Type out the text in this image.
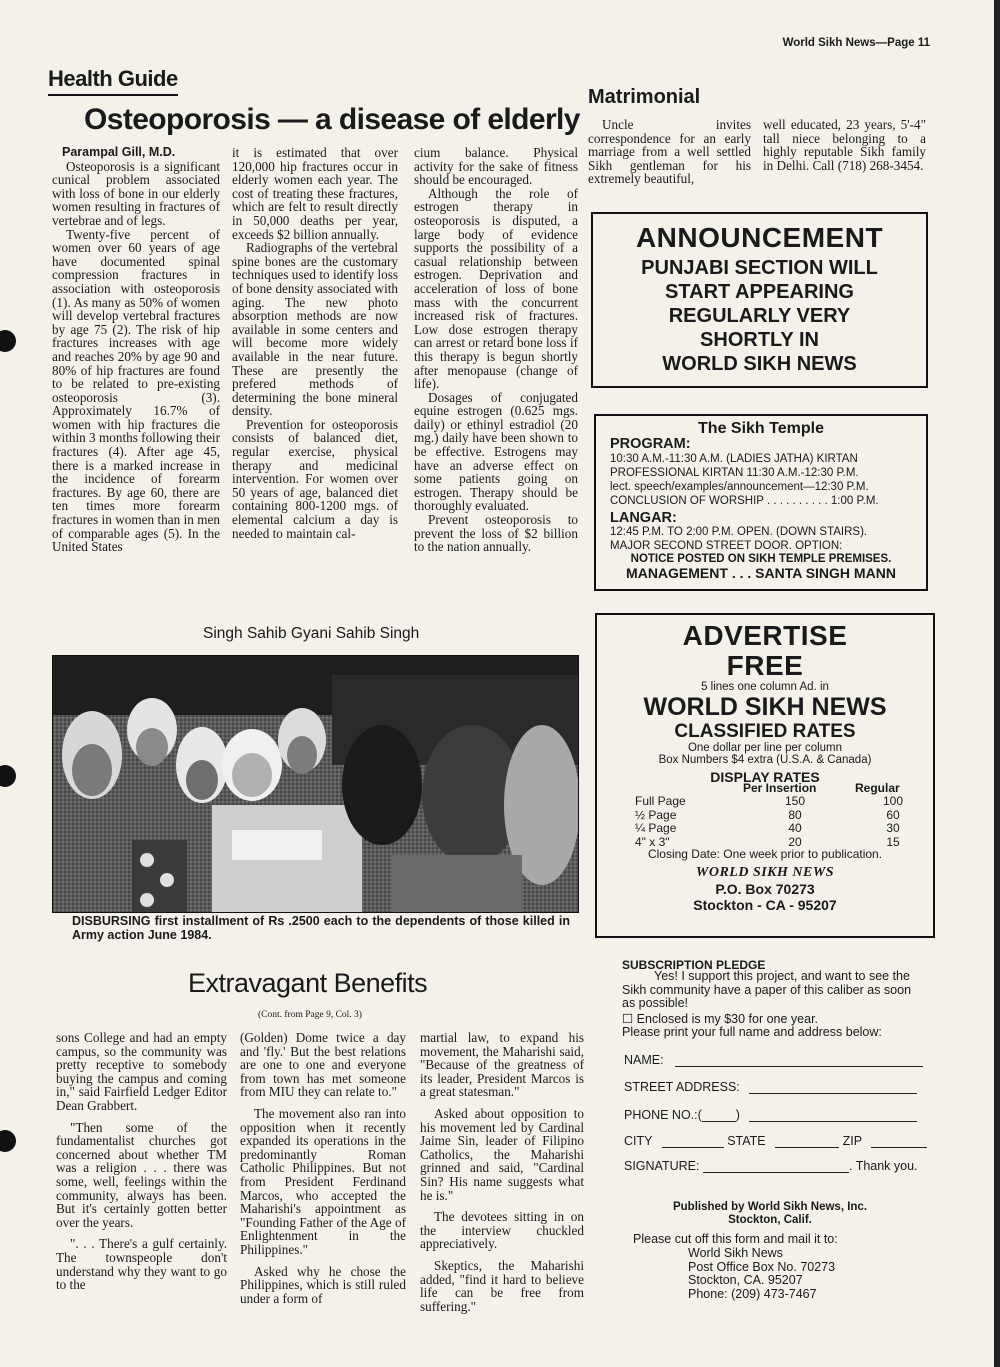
World Sikh News—Page 11
Health Guide
Osteoporosis — a disease of elderly

Parampal Gill, M.D.

Osteoporosis is a significant cunical problem associated with loss of bone in our elderly women resulting in fractures of vertebrae and of legs.

Twenty-five percent of women over 60 years of age have documented spinal compression fractures in association with osteoporosis (1). As many as 50% of women will develop vertebral fractures by age 75 (2). The risk of hip fractures increases with age and reaches 20% by age 90 and 80% of hip fractures are found to be related to pre-existing osteoporosis (3). Approximately 16.7% of women with hip fractures die within 3 months following their fractures (4). After age 45, there is a marked increase in the incidence of forearm fractures. By age 60, there are ten times more forearm fractures in women than in men of comparable ages (5). In the United States

it is estimated that over 120,000 hip fractures occur in elderly women each year. The cost of treating these fractures, which are felt to result directly in 50,000 deaths per year, exceeds $2 billion annually.

Radiographs of the vertebral spine bones are the customary techniques used to identify loss of bone density associated with aging. The new photo absorption methods are now available in some centers and will become more widely available in the near future. These are presently the prefered methods of determining the bone mineral density.

Prevention for osteoporosis consists of balanced diet, regular exercise, physical therapy and medicinal intervention. For women over 50 years of age, balanced diet containing 800-1200 mgs. of elemental calcium a day is needed to maintain cal-

cium balance. Physical activity for the sake of fitness should be encouraged.

Although the role of estrogen therapy in osteoporosis is disputed, a large body of evidence supports the possibility of a casual relationship between estrogen. Deprivation and acceleration of loss of bone mass with the concurrent increased risk of fractures. Low dose estrogen therapy can arrest or retard bone loss if this therapy is begun shortly after menopause (change of life).

Dosages of conjugated equine estrogen (0.625 mgs. daily) or ethinyl estradiol (20 mg.) daily have been shown to be effective. Estrogens may have an adverse effect on some patients going on estrogen. Therapy should be thoroughly evaluated.

Prevent osteoporosis to prevent the loss of $2 billion to the nation annually.

Matrimonial

Uncle invites correspondence for an early marriage from a well settled Sikh gentleman for his extremely beautiful,

well educated, 23 years, 5'-4" tall niece belonging to a highly reputable Sikh family in Delhi. Call (718) 268-3454.

ANNOUNCEMENT
PUNJABI SECTION WILL
START APPEARING
REGULARLY VERY
SHORTLY IN
WORLD SIKH NEWS
The Sikh Temple
PROGRAM:
10:30 A.M.-11:30 A.M. (LADIES JATHA) KIRTAN
PROFESSIONAL KIRTAN 11:30 A.M.-12:30 P.M.
lect. speech/examples/announcement—12:30 P.M.
CONCLUSION OF WORSHIP . . . . . . . . . . 1:00 P.M.
LANGAR:
12:45 P.M. TO 2:00 P.M. OPEN. (DOWN STAIRS).
MAJOR SECOND STREET DOOR. OPTION:
NOTICE POSTED ON SIKH TEMPLE PREMISES.
MANAGEMENT . . . SANTA SINGH MANN
ADVERTISE
FREE
5 lines one column Ad. in
WORLD SIKH NEWS
CLASSIFIED RATES
One dollar per line per column
Box Numbers $4 extra (U.S.A. & Canada)
DISPLAY RATES
Per Insertion	Regular
Full Page	150	100
½ Page	80	60
¼ Page	40	30
4" x 3"	20	15
Closing Date: One week prior to publication.
WORLD SIKH NEWS
P.O. Box 70273
Stockton - CA - 95207
Singh Sahib Gyani Sahib Singh
DISBURSING first installment of Rs .2500 each to the dependents of those killed in Army action June 1984.
Extravagant Benefits
(Cont. from Page 9, Col. 3)

sons College and had an empty campus, so the community was pretty receptive to somebody buying the campus and coming in," said Fairfield Ledger Editor Dean Grabbert.

"Then some of the fundamentalist churches got concerned about whether TM was a religion . . . there was some, well, feelings within the community, always has been. But it's certainly gotten better over the years.

". . . There's a gulf certainly. The townspeople don't understand why they want to go to the

(Golden) Dome twice a day and 'fly.' But the best relations are one to one and everyone from town has met someone from MIU they can relate to."

The movement also ran into opposition when it recently expanded its operations in the predominantly Roman Catholic Philippines. But not from President Ferdinand Marcos, who accepted the Maharishi's appointment as "Founding Father of the Age of Enlightenment in the Philippines."

Asked why he chose the Philippines, which is still ruled under a form of

martial law, to expand his movement, the Maharishi said, "Because of the greatness of its leader, President Marcos is a great statesman."

Asked about opposition to his movement led by Cardinal Jaime Sin, leader of Filipino Catholics, the Maharishi grinned and said, "Cardinal Sin? His name suggests what he is."

The devotees sitting in on the interview chuckled appreciatively.

Skeptics, the Maharishi added, "find it hard to believe life can be free from suffering."

SUBSCRIPTION PLEDGE
Yes! I support this project, and want to see the Sikh community have a paper of this caliber as soon as possible!
☐ Enclosed is my $30 for one year.
Please print your full name and address below:
NAME:
STREET ADDRESS:
PHONE NO.:(	)
CITY	STATE	ZIP
SIGNATURE:	. Thank you.
Published by World Sikh News, Inc.
Stockton, Calif.
Please cut off this form and mail it to:
World Sikh News
Post Office Box No. 70273
Stockton, CA. 95207
Phone: (209) 473-7467
